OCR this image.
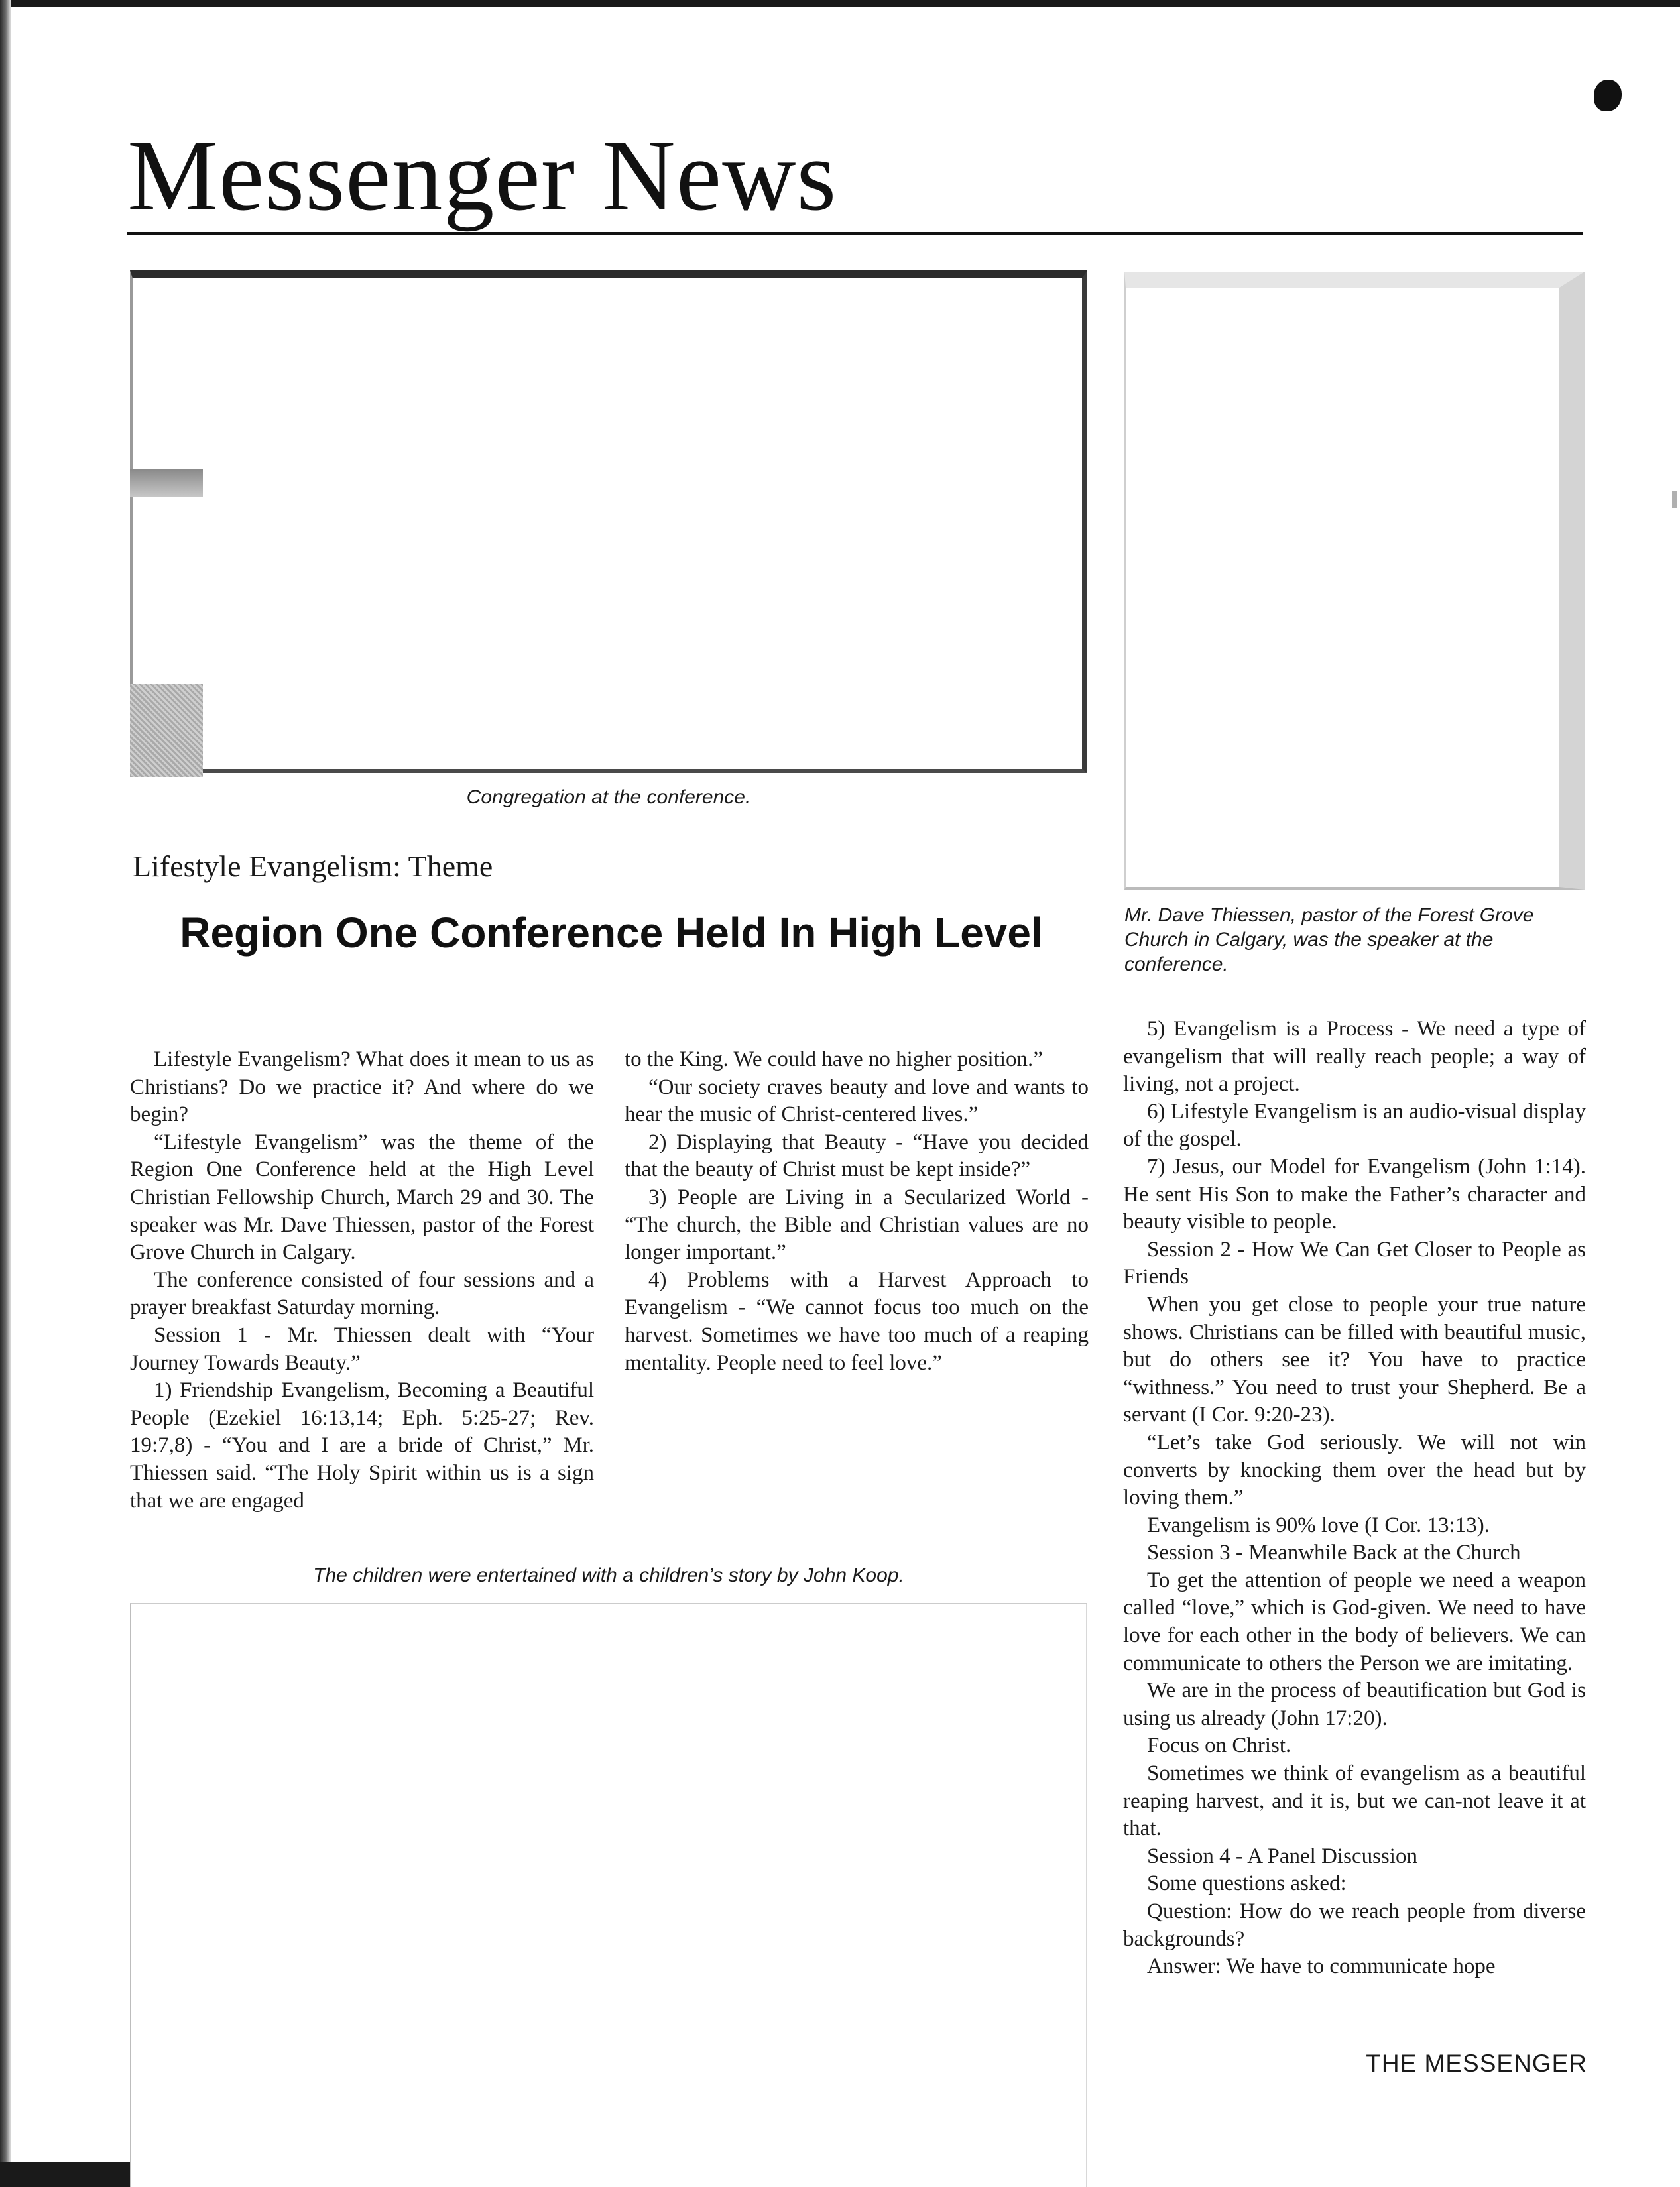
Messenger News

Congregation at the conference.

Mr. Dave Thiessen, pastor of the Forest Grove Church in Calgary, was the speaker at the conference.

Lifestyle Evangelism: Theme

Region One Conference Held In High Level

Lifestyle Evangelism? What does it mean to us as Christians? Do we practice it? And where do we begin?

“Lifestyle Evangelism” was the theme of the Region One Conference held at the High Level Christian Fellowship Church, March 29 and 30. The speaker was Mr. Dave Thiessen, pastor of the Forest Grove Church in Calgary.

The conference consisted of four sessions and a prayer breakfast Saturday morning.

Session 1 - Mr. Thiessen dealt with “Your Journey Towards Beauty.”

1) Friendship Evangelism, Becoming a Beautiful People (Ezekiel 16:13,14; Eph. 5:25-27; Rev. 19:7,8) - “You and I are a bride of Christ,” Mr. Thiessen said. “The Holy Spirit within us is a sign that we are engaged

to the King. We could have no higher position.”

“Our society craves beauty and love and wants to hear the music of Christ-centered lives.”

2) Displaying that Beauty - “Have you decided that the beauty of Christ must be kept inside?”

3) People are Living in a Secularized World - “The church, the Bible and Christian values are no longer important.”

4) Problems with a Harvest Approach to Evangelism - “We cannot focus too much on the harvest. Sometimes we have too much of a reaping mentality. People need to feel love.”

5) Evangelism is a Process - We need a type of evangelism that will really reach people; a way of living, not a project.

6) Lifestyle Evangelism is an audio-visual display of the gospel.

7) Jesus, our Model for Evangelism (John 1:14). He sent His Son to make the Father’s character and beauty visible to people.

Session 2 - How We Can Get Closer to People as Friends

When you get close to people your true nature shows. Christians can be filled with beautiful music, but do others see it? You have to practice “withness.” You need to trust your Shepherd. Be a servant (I Cor. 9:20-23).

“Let’s take God seriously. We will not win converts by knocking them over the head but by loving them.”

Evangelism is 90% love (I Cor. 13:13).

Session 3 - Meanwhile Back at the Church

To get the attention of people we need a weapon called “love,” which is God-given. We need to have love for each other in the body of believers. We can communicate to others the Person we are imitating.

We are in the process of beautification but God is using us already (John 17:20).

Focus on Christ.

Sometimes we think of evangelism as a beautiful reaping harvest, and it is, but we can-not leave it at that.

Session 4 - A Panel Discussion

Some questions asked:

Question: How do we reach people from diverse backgrounds?

Answer: We have to communicate hope

The children were entertained with a children’s story by John Koop.

THE MESSENGER
